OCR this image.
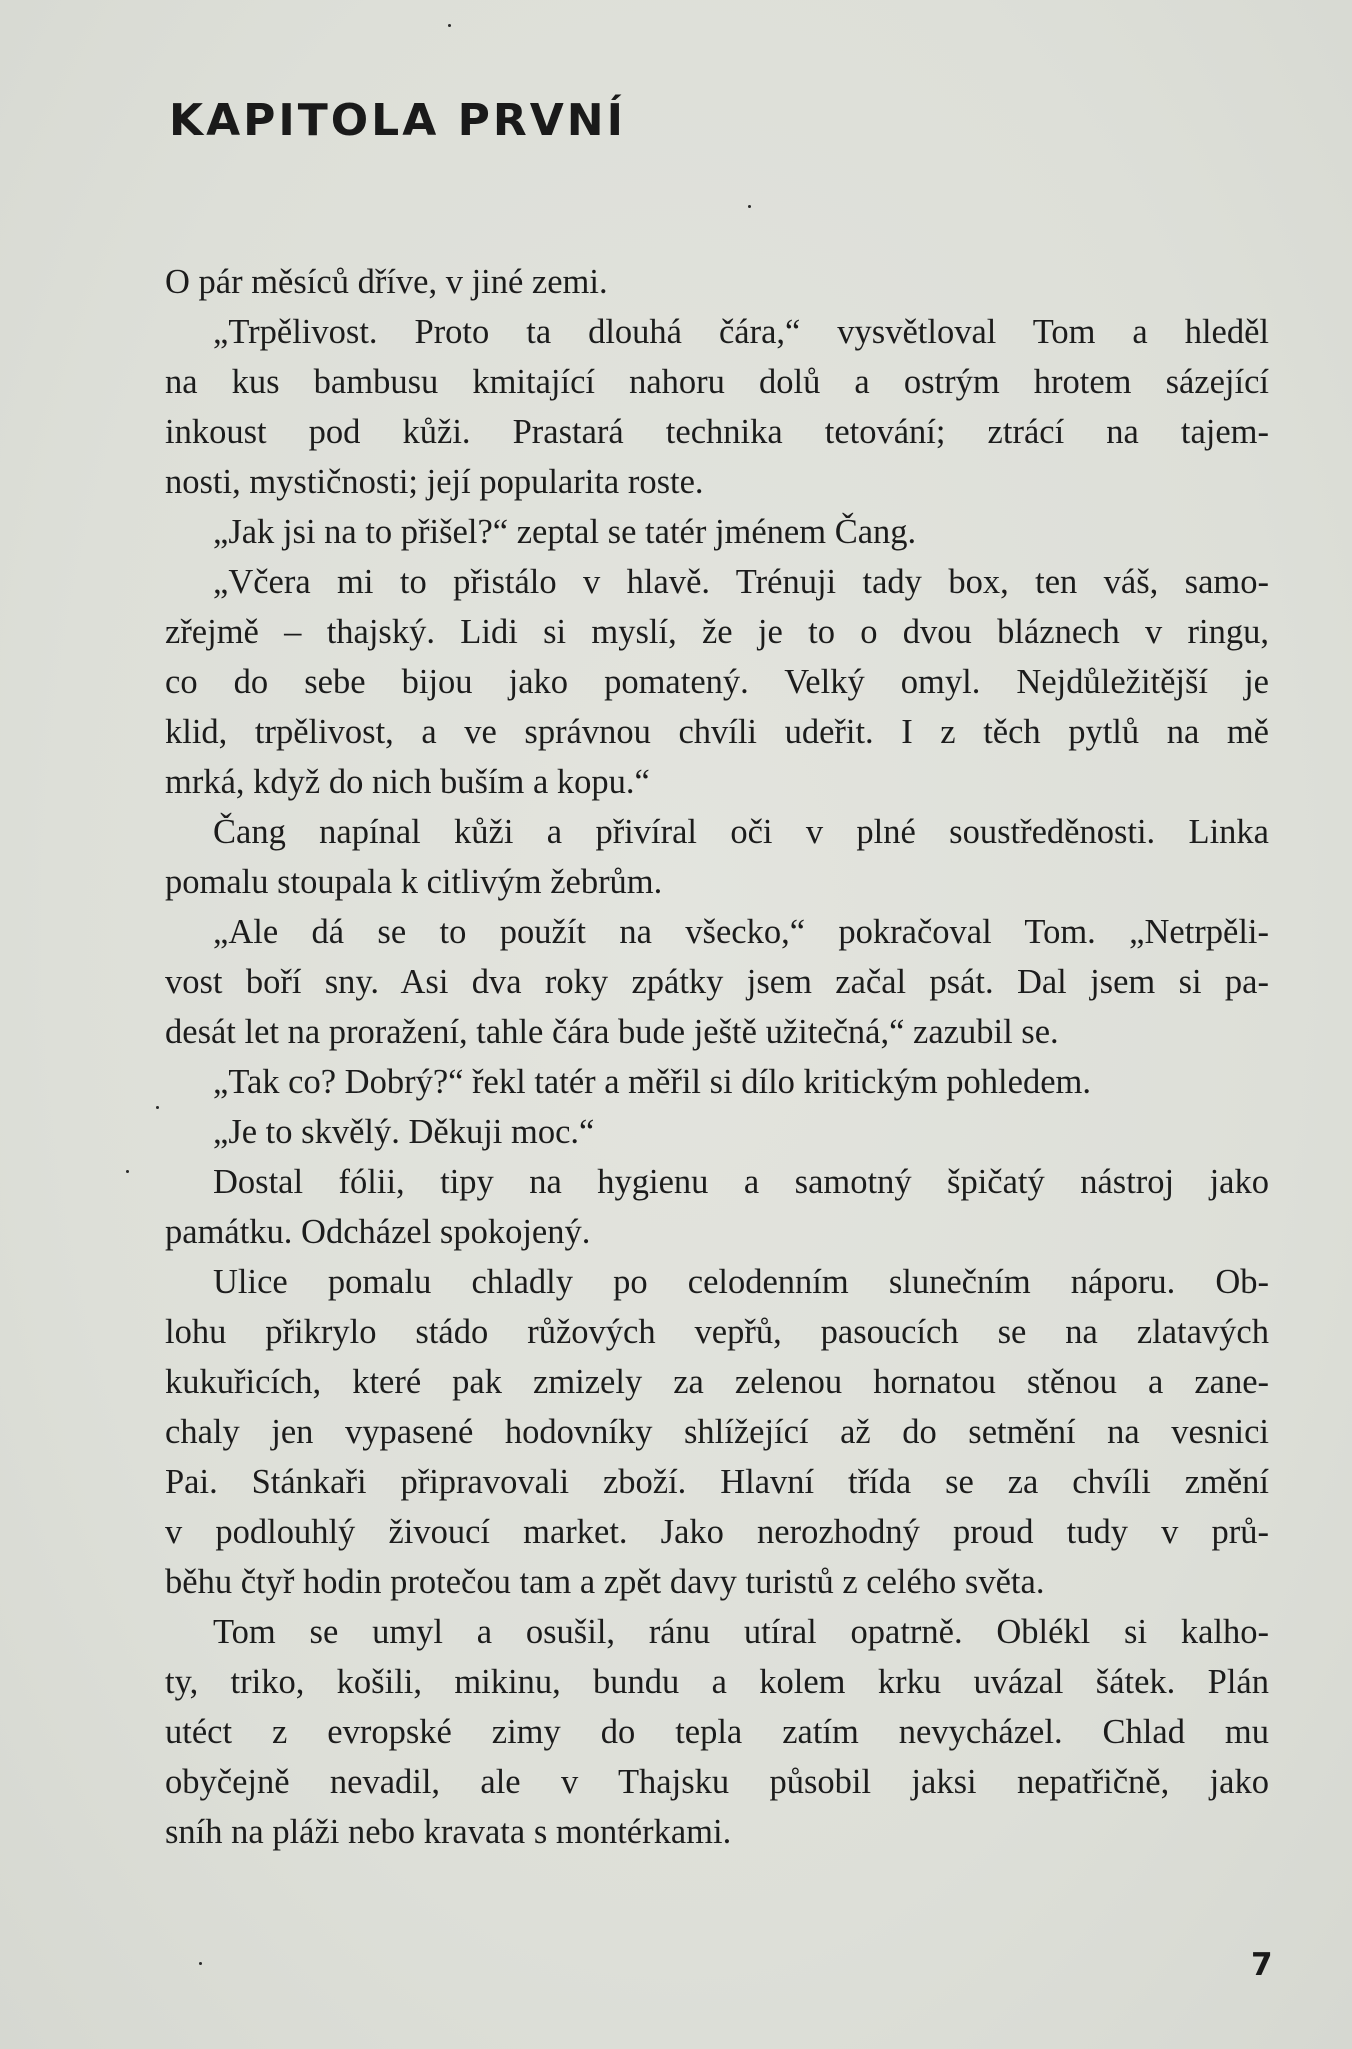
KAPITOLA PRVNÍ

O pár měsíců dříve, v jiné zemi.

„Trpělivost. Proto ta dlouhá čára,“ vysvětloval Tom a hleděl
na kus bambusu kmitající nahoru dolů a ostrým hrotem sázející
inkoust pod kůži. Prastará technika tetování; ztrácí na tajem-
nosti, mystičnosti; její popularita roste.

„Jak jsi na to přišel?“ zeptal se tatér jménem Čang.

„Včera mi to přistálo v hlavě. Trénuji tady box, ten váš, samo-
zřejmě – thajský. Lidi si myslí, že je to o dvou bláznech v ringu,
co do sebe bijou jako pomatený. Velký omyl. Nejdůležitější je
klid, trpělivost, a ve správnou chvíli udeřit. I z těch pytlů na mě
mrká, když do nich buším a kopu.“

Čang napínal kůži a přivíral oči v plné soustředěnosti. Linka
pomalu stoupala k citlivým žebrům.

„Ale dá se to použít na všecko,“ pokračoval Tom. „Netrpěli-
vost boří sny. Asi dva roky zpátky jsem začal psát. Dal jsem si pa-
desát let na proražení, tahle čára bude ještě užitečná,“ zazubil se.

„Tak co? Dobrý?“ řekl tatér a měřil si dílo kritickým pohledem.

„Je to skvělý. Děkuji moc.“

Dostal fólii, tipy na hygienu a samotný špičatý nástroj jako
památku. Odcházel spokojený.

Ulice pomalu chladly po celodenním slunečním náporu. Ob-
lohu přikrylo stádo růžových vepřů, pasoucích se na zlatavých
kukuřicích, které pak zmizely za zelenou hornatou stěnou a zane-
chaly jen vypasené hodovníky shlížející až do setmění na vesnici
Pai. Stánkaři připravovali zboží. Hlavní třída se za chvíli změní
v podlouhlý živoucí market. Jako nerozhodný proud tudy v prů-
běhu čtyř hodin protečou tam a zpět davy turistů z celého světa.

Tom se umyl a osušil, ránu utíral opatrně. Oblékl si kalho-
ty, triko, košili, mikinu, bundu a kolem krku uvázal šátek. Plán
utéct z evropské zimy do tepla zatím nevycházel. Chlad mu
obyčejně nevadil, ale v Thajsku působil jaksi nepatřičně, jako
sníh na pláži nebo kravata s montérkami.

7
